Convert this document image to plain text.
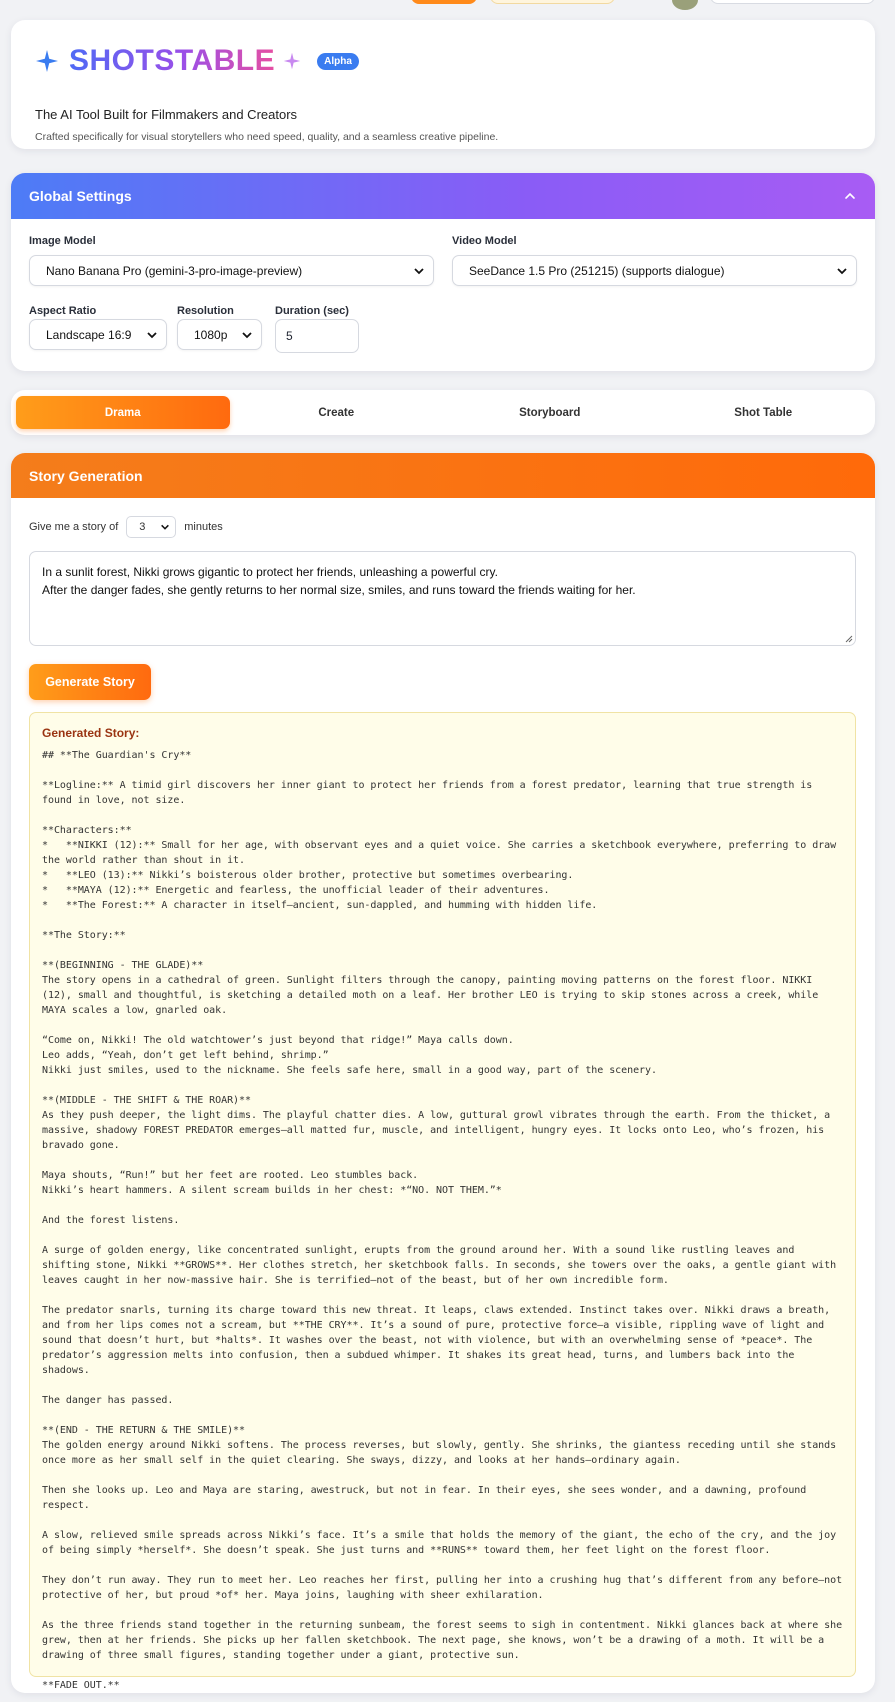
SHOTSTABLE	Alpha
The AI Tool Built for Filmmakers and Creators
Crafted specifically for visual storytellers who need speed, quality, and a seamless creative pipeline.
Global Settings
Image Model
Nano Banana Pro (gemini-3-pro-image-preview)
Video Model
SeeDance 1.5 Pro (251215) (supports dialogue)
Aspect Ratio
Landscape 16:9
Resolution
1080p
Duration (sec)
5
Drama	Create	Storyboard	Shot Table
Story Generation
Give me a story of 3	minutes
In a sunlit forest, Nikki grows gigantic to protect her friends, unleashing a powerful cry.
After the danger fades, she gently returns to her normal size, smiles, and runs toward the friends waiting for her.
Generate Story
Generated Story:
## **The Guardian's Cry**

**Logline:** A timid girl discovers her inner giant to protect her friends from a forest predator, learning that true strength is found in love, not size.

**Characters:**
*   **NIKKI (12):** Small for her age, with observant eyes and a quiet voice. She carries a sketchbook everywhere, preferring to draw the world rather than shout in it.
*   **LEO (13):** Nikki’s boisterous older brother, protective but sometimes overbearing.
*   **MAYA (12):** Energetic and fearless, the unofficial leader of their adventures.
*   **The Forest:** A character in itself—ancient, sun-dappled, and humming with hidden life.

**The Story:**

**(BEGINNING - THE GLADE)**
The story opens in a cathedral of green. Sunlight filters through the canopy, painting moving patterns on the forest floor. NIKKI (12), small and thoughtful, is sketching a detailed moth on a leaf. Her brother LEO is trying to skip stones across a creek, while MAYA scales a low, gnarled oak.

“Come on, Nikki! The old watchtower’s just beyond that ridge!” Maya calls down.
Leo adds, “Yeah, don’t get left behind, shrimp.”
Nikki just smiles, used to the nickname. She feels safe here, small in a good way, part of the scenery.

**(MIDDLE - THE SHIFT & THE ROAR)**
As they push deeper, the light dims. The playful chatter dies. A low, guttural growl vibrates through the earth. From the thicket, a massive, shadowy FOREST PREDATOR emerges—all matted fur, muscle, and intelligent, hungry eyes. It locks onto Leo, who’s frozen, his bravado gone.

Maya shouts, “Run!” but her feet are rooted. Leo stumbles back.
Nikki’s heart hammers. A silent scream builds in her chest: *“NO. NOT THEM.”*

And the forest listens.

A surge of golden energy, like concentrated sunlight, erupts from the ground around her. With a sound like rustling leaves and shifting stone, Nikki **GROWS**. Her clothes stretch, her sketchbook falls. In seconds, she towers over the oaks, a gentle giant with leaves caught in her now-massive hair. She is terrified—not of the beast, but of her own incredible form.

The predator snarls, turning its charge toward this new threat. It leaps, claws extended. Instinct takes over. Nikki draws a breath, and from her lips comes not a scream, but **THE CRY**. It’s a sound of pure, protective force—a visible, rippling wave of light and sound that doesn’t hurt, but *halts*. It washes over the beast, not with violence, but with an overwhelming sense of *peace*. The predator’s aggression melts into confusion, then a subdued whimper. It shakes its great head, turns, and lumbers back into the shadows.

The danger has passed.

**(END - THE RETURN & THE SMILE)**
The golden energy around Nikki softens. The process reverses, but slowly, gently. She shrinks, the giantess receding until she stands once more as her small self in the quiet clearing. She sways, dizzy, and looks at her hands—ordinary again.

Then she looks up. Leo and Maya are staring, awestruck, but not in fear. In their eyes, she sees wonder, and a dawning, profound respect.

A slow, relieved smile spreads across Nikki’s face. It’s a smile that holds the memory of the giant, the echo of the cry, and the joy of being simply *herself*. She doesn’t speak. She just turns and **RUNS** toward them, her feet light on the forest floor.

They don’t run away. They run to meet her. Leo reaches her first, pulling her into a crushing hug that’s different from any before—not protective of her, but proud *of* her. Maya joins, laughing with sheer exhilaration.

As the three friends stand together in the returning sunbeam, the forest seems to sigh in contentment. Nikki glances back at where she grew, then at her friends. She picks up her fallen sketchbook. The next page, she knows, won’t be a drawing of a moth. It will be a drawing of three small figures, standing together under a giant, protective sun.

**FADE OUT.**
